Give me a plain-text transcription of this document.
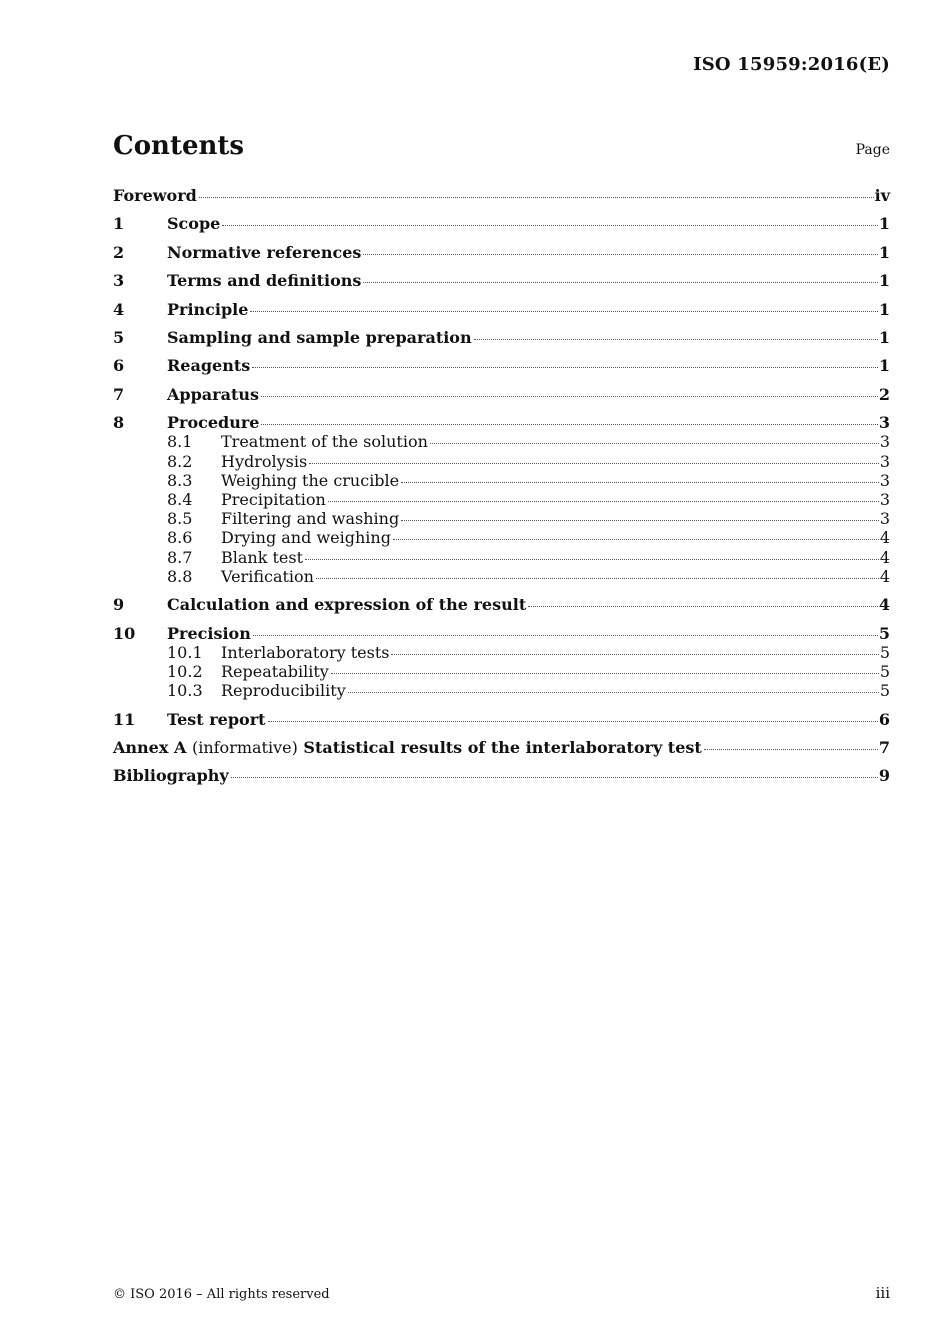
ISO 15959:2016(E)
Contents	Page
Foreword	iv
1	Scope	1
2	Normative references	1
3	Terms and definitions	1
4	Principle	1
5	Sampling and sample preparation	1
6	Reagents	1
7	Apparatus	2
8	Procedure	3
8.1	Treatment of the solution	3
8.2	Hydrolysis	3
8.3	Weighing the crucible	3
8.4	Precipitation	3
8.5	Filtering and washing	3
8.6	Drying and weighing	4
8.7	Blank test	4
8.8	Verification	4
9	Calculation and expression of the result	4
10	Precision	5
10.1	Interlaboratory tests	5
10.2	Repeatability	5
10.3	Reproducibility	5
11	Test report	6
Annex A (informative) Statistical results of the interlaboratory test	7
Bibliography	9
© ISO 2016 – All rights reserved	iii
